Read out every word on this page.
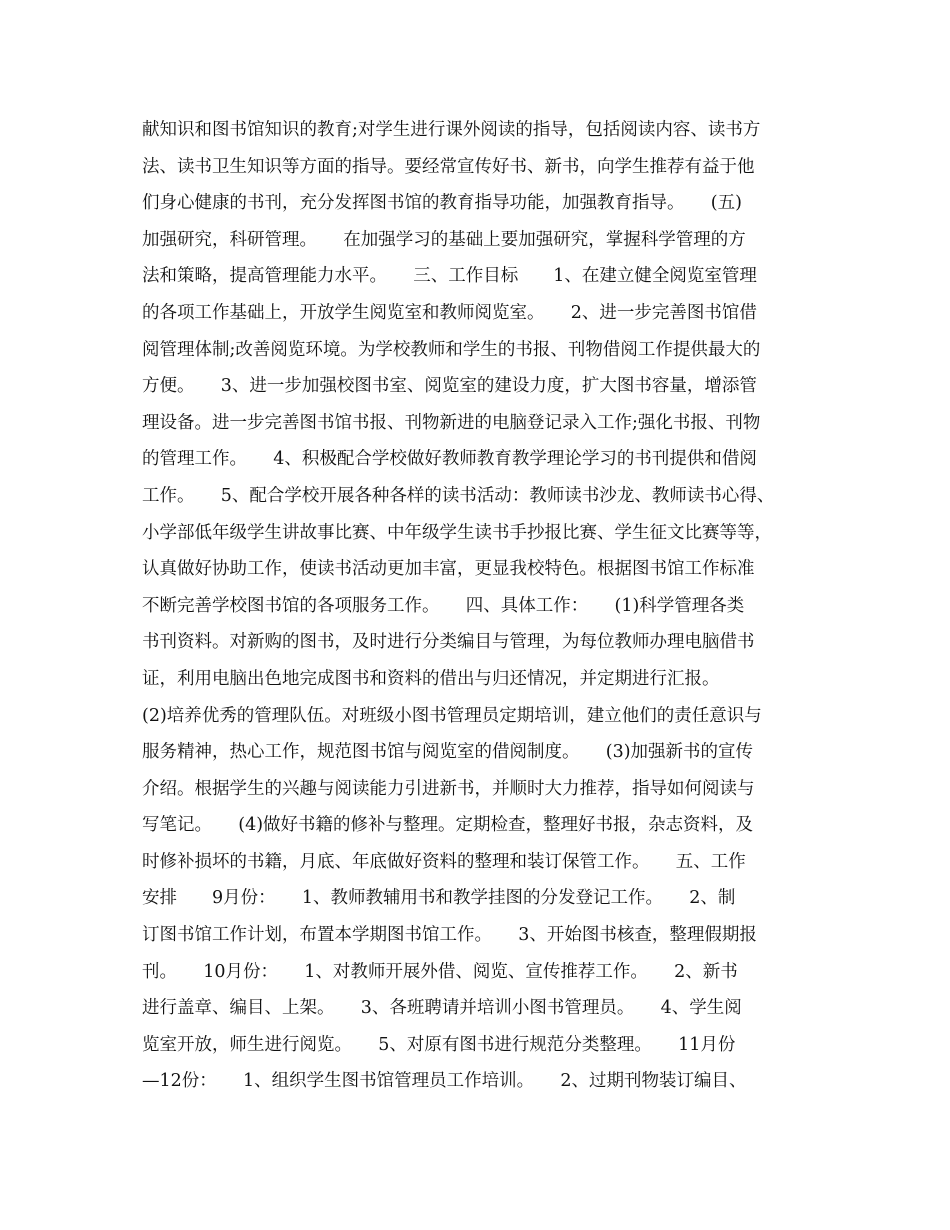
献知识和图书馆知识的教育;对学生进行课外阅读的指导，包括阅读内容、读书方
法、读书卫生知识等方面的指导。要经常宣传好书、新书，向学生推荐有益于他
们身心健康的书刊，充分发挥图书馆的教育指导功能，加强教育指导。　　(五)
加强研究，科研管理。　　在加强学习的基础上要加强研究，掌握科学管理的方
法和策略，提高管理能力水平。　　三、工作目标　　1、在建立健全阅览室管理
的各项工作基础上，开放学生阅览室和教师阅览室。　　2、进一步完善图书馆借
阅管理体制;改善阅览环境。为学校教师和学生的书报、刊物借阅工作提供最大的
方便。　　3、进一步加强校图书室、阅览室的建设力度，扩大图书容量，增添管
理设备。进一步完善图书馆书报、刊物新进的电脑登记录入工作;强化书报、刊物
的管理工作。　　4、积极配合学校做好教师教育教学理论学习的书刊提供和借阅
工作。　　5、配合学校开展各种各样的读书活动：教师读书沙龙、教师读书心得、
小学部低年级学生讲故事比赛、中年级学生读书手抄报比赛、学生征文比赛等等，
认真做好协助工作，使读书活动更加丰富，更显我校特色。根据图书馆工作标准
不断完善学校图书馆的各项服务工作。　　四、具体工作：　　(1)科学管理各类
书刊资料。对新购的图书，及时进行分类编目与管理，为每位教师办理电脑借书
证，利用电脑出色地完成图书和资料的借出与归还情况，并定期进行汇报。
(2)培养优秀的管理队伍。对班级小图书管理员定期培训，建立他们的责任意识与
服务精神，热心工作，规范图书馆与阅览室的借阅制度。　　(3)加强新书的宣传
介绍。根据学生的兴趣与阅读能力引进新书，并顺时大力推荐，指导如何阅读与
写笔记。　　(4)做好书籍的修补与整理。定期检查，整理好书报，杂志资料，及
时修补损坏的书籍，月底、年底做好资料的整理和装订保管工作。　　五、工作
安排　　9月份：　　1、教师教辅用书和教学挂图的分发登记工作。　　2、制
订图书馆工作计划，布置本学期图书馆工作。　　3、开始图书核查，整理假期报
刊。　　10月份：　　1、对教师开展外借、阅览、宣传推荐工作。　　2、新书
进行盖章、编目、上架。　　3、各班聘请并培训小图书管理员。　　4、学生阅
览室开放，师生进行阅览。　　5、对原有图书进行规范分类整理。　　11月份
—12份：　　1、组织学生图书馆管理员工作培训。　　2、过期刊物装订编目、
